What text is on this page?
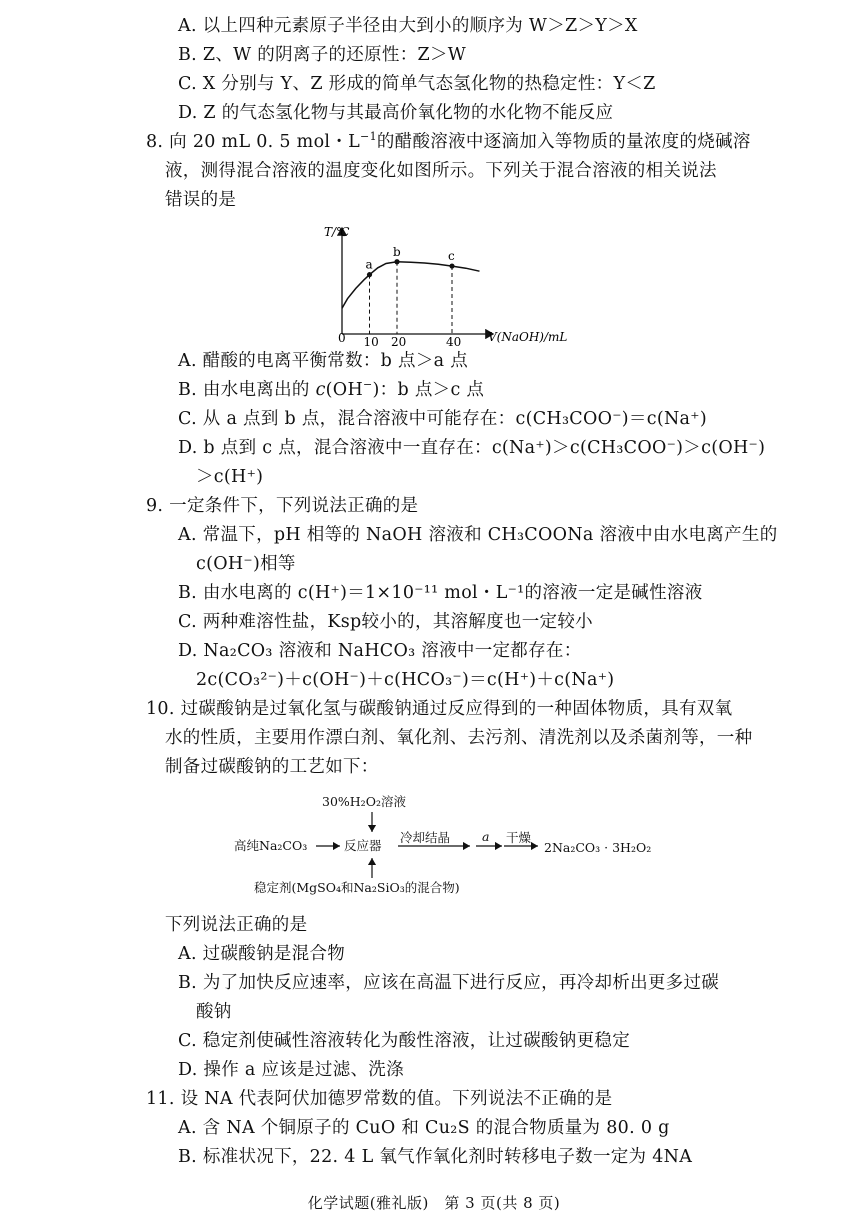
A. 以上四种元素原子半径由大到小的顺序为 W＞Z＞Y＞X
B. Z、W 的阴离子的还原性：Z＞W
C. X 分别与 Y、Z 形成的简单气态氢化物的热稳定性：Y＜Z
D. Z 的气态氢化物与其最高价氧化物的水化物不能反应
8. 向 20 mL 0. 5 mol・$L^{-1}$的醋酸溶液中逐滴加入等物质的量浓度的烧碱溶
液，测得混合溶液的温度变化如图所示。下列关于混合溶液的相关说法
错误的是
T/℃
V(NaOH)/mL
0 10 20	40
a
b	c
A. 醋酸的电离平衡常数：b 点＞a 点
B. 由水电离出的 c(OH−)：b 点＞c 点
C. 从 a 点到 b 点，混合溶液中可能存在：c(CH₃COO⁻)＝c(Na⁺)
D. b 点到 c 点，混合溶液中一直存在：c(Na⁺)＞c(CH₃COO⁻)＞c(OH⁻)
＞c(H⁺)
9. 一定条件下，下列说法正确的是
A. 常温下，pH 相等的 NaOH 溶液和 CH₃COONa 溶液中由水电离产生的
c(OH⁻)相等
B. 由水电离的 c(H⁺)＝1×10⁻¹¹ mol・L⁻¹的溶液一定是碱性溶液
C. 两种难溶性盐，Ksp较小的，其溶解度也一定较小
D. Na₂CO₃ 溶液和 NaHCO₃ 溶液中一定都存在：
2c(CO₃²⁻)＋c(OH⁻)＋c(HCO₃⁻)＝c(H⁺)＋c(Na⁺)
10. 过碳酸钠是过氧化氢与碳酸钠通过反应得到的一种固体物质，具有双氧
水的性质，主要用作漂白剂、氧化剂、去污剂、清洗剂以及杀菌剂等，一种
制备过碳酸钠的工艺如下：
30%H₂O₂溶液
高纯Na₂CO₃	反应器
冷却结晶	a 干燥
2Na₂CO₃ · 3H₂O₂
稳定剂(MgSO₄和Na₂SiO₃的混合物)
下列说法正确的是
A. 过碳酸钠是混合物
B. 为了加快反应速率，应该在高温下进行反应，再冷却析出更多过碳
酸钠
C. 稳定剂使碱性溶液转化为酸性溶液，让过碳酸钠更稳定
D. 操作 a 应该是过滤、洗涤
11. 设 NA 代表阿伏加德罗常数的值。下列说法不正确的是
A. 含 NA 个铜原子的 CuO 和 Cu₂S 的混合物质量为 80. 0 g
B. 标准状况下，22. 4 L 氧气作氧化剂时转移电子数一定为 4NA
化学试题(雅礼版)　第 3 页(共 8 页)
